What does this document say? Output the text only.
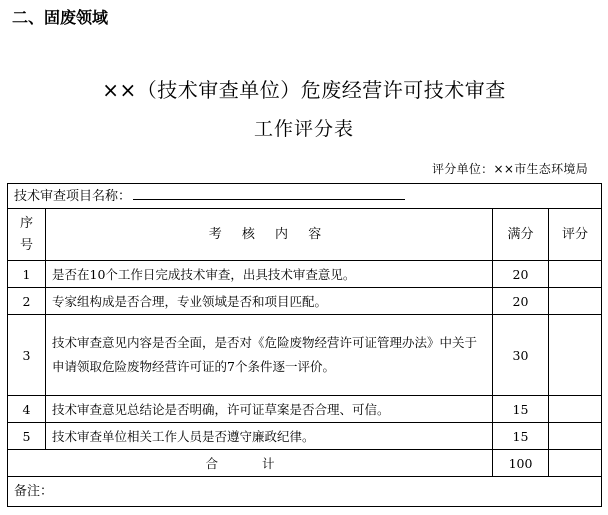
二、固废领域
××（技术审查单位）危废经营许可技术审查
工作评分表
评分单位：××市生态环境局
技术审查项目名称：			

序号	考 核 内 容	满分	评分
1	是否在10个工作日完成技术审查，出具技术审查意见。	20	
2	专家组构成是否合理，专业领域是否和项目匹配。	20	
3	技术审查意见内容是否全面，是否对《危险废物经营许可证管理办法》中关于申请领取危险废物经营许可证的7个条件逐一评价。	30	
4	技术审查意见总结论是否明确，许可证草案是否合理、可信。	15	
5	技术审查单位相关工作人员是否遵守廉政纪律。	15	
合 计		100	
备注：			
